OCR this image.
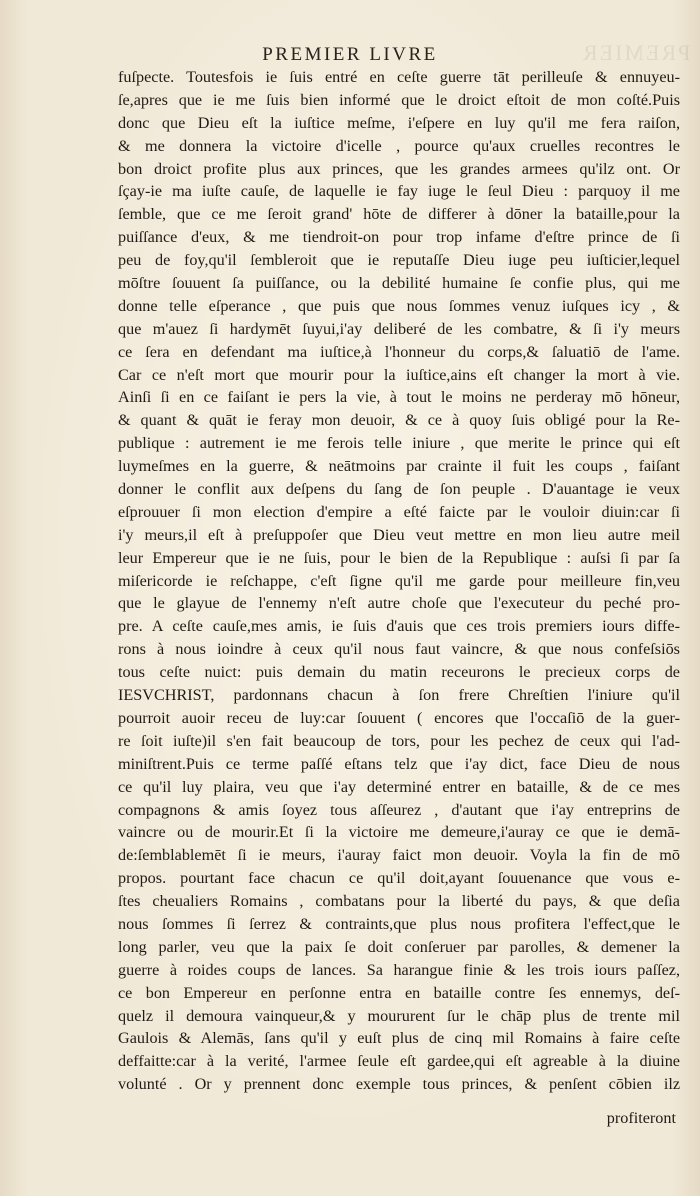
PREMIER
PREMIER LIVRE
fuſpecte. Toutesfois ie ſuis entré en ceſte guerre tāt perilleuſe & ennuyeu-
ſe,apres que ie me ſuis bien informé que le droict eſtoit de mon coſté.Puis
donc que Dieu eſt la iuſtice meſme, i'eſpere en luy qu'il me fera raiſon,
& me donnera la victoire d'icelle , pource qu'aux cruelles recontres le
bon droict profite plus aux princes, que les grandes armees qu'ilz ont. Or
ſçay-ie ma iuſte cauſe, de laquelle ie fay iuge le ſeul Dieu : parquoy il me
ſemble, que ce me ſeroit grand' hōte de differer à dōner la bataille,pour la
puiſſance d'eux, & me tiendroit-on pour trop infame d'eſtre prince de ſi
peu de foy,qu'il ſembleroit que ie reputaſſe Dieu iuge peu iuſticier,lequel
mōſtre ſouuent ſa puiſſance, ou la debilité humaine ſe confie plus, qui me
donne telle eſperance , que puis que nous ſommes venuz iuſques icy , &
que m'auez ſi hardymēt ſuyui,i'ay deliberé de les combatre, & ſi i'y meurs
ce ſera en defendant ma iuſtice,à l'honneur du corps,& ſaluatiō de l'ame.
Car ce n'eſt mort que mourir pour la iuſtice,ains eſt changer la mort à vie.
Ainſi ſi en ce faiſant ie pers la vie, à tout le moins ne perderay mō hōneur,
& quant & quāt ie feray mon deuoir, & ce à quoy ſuis obligé pour la Re-
publique : autrement ie me ferois telle iniure , que merite le prince qui eſt
luymeſmes en la guerre, & neātmoins par crainte il fuit les coups , faiſant
donner le conflit aux deſpens du ſang de ſon peuple . D'auantage ie veux
eſprouuer ſi mon election d'empire a eſté faicte par le vouloir diuin:car ſi
i'y meurs,il eſt à preſuppoſer que Dieu veut mettre en mon lieu autre meil
leur Empereur que ie ne ſuis, pour le bien de la Republique : auſsi ſi par ſa
miſericorde ie reſchappe, c'eſt ſigne qu'il me garde pour meilleure fin,veu
que le glayue de l'ennemy n'eſt autre choſe que l'executeur du peché pro-
pre. A ceſte cauſe,mes amis, ie ſuis d'auis que ces trois premiers iours diffe-
rons à nous ioindre à ceux qu'il nous faut vaincre, & que nous confeſsiōs
tous ceſte nuict: puis demain du matin receurons le precieux corps de
IESVCHRIST, pardonnans chacun à ſon frere Chreſtien l'iniure qu'il
pourroit auoir receu de luy:car ſouuent ( encores que l'occaſiō de la guer-
re ſoit iuſte)il s'en fait beaucoup de tors, pour les pechez de ceux qui l'ad-
miniſtrent.Puis ce terme paſſé eſtans telz que i'ay dict, face Dieu de nous
ce qu'il luy plaira, veu que i'ay determiné entrer en bataille, & de ce mes
compagnons & amis ſoyez tous aſſeurez , d'autant que i'ay entreprins de
vaincre ou de mourir.Et ſi la victoire me demeure,i'auray ce que ie demā-
de:ſemblablemēt ſi ie meurs, i'auray faict mon deuoir. Voyla la fin de mō
propos. pourtant face chacun ce qu'il doit,ayant ſouuenance que vous e-
ſtes cheualiers Romains , combatans pour la liberté du pays, & que deſia
nous ſommes ſi ſerrez & contraints,que plus nous profitera l'effect,que le
long parler, veu que la paix ſe doit conſeruer par parolles, & demener la
guerre à roides coups de lances. Sa harangue finie & les trois iours paſſez,
ce bon Empereur en perſonne entra en bataille contre ſes ennemys, deſ-
quelz il demoura vainqueur,& y moururent ſur le chāp plus de trente mil
Gaulois & Alemās, ſans qu'il y euſt plus de cinq mil Romains à faire ceſte
deffaitte:car à la verité, l'armee ſeule eſt gardee,qui eſt agreable à la diuine
volunté . Or y prennent donc exemple tous princes, & penſent cōbien ilz
profiteront
